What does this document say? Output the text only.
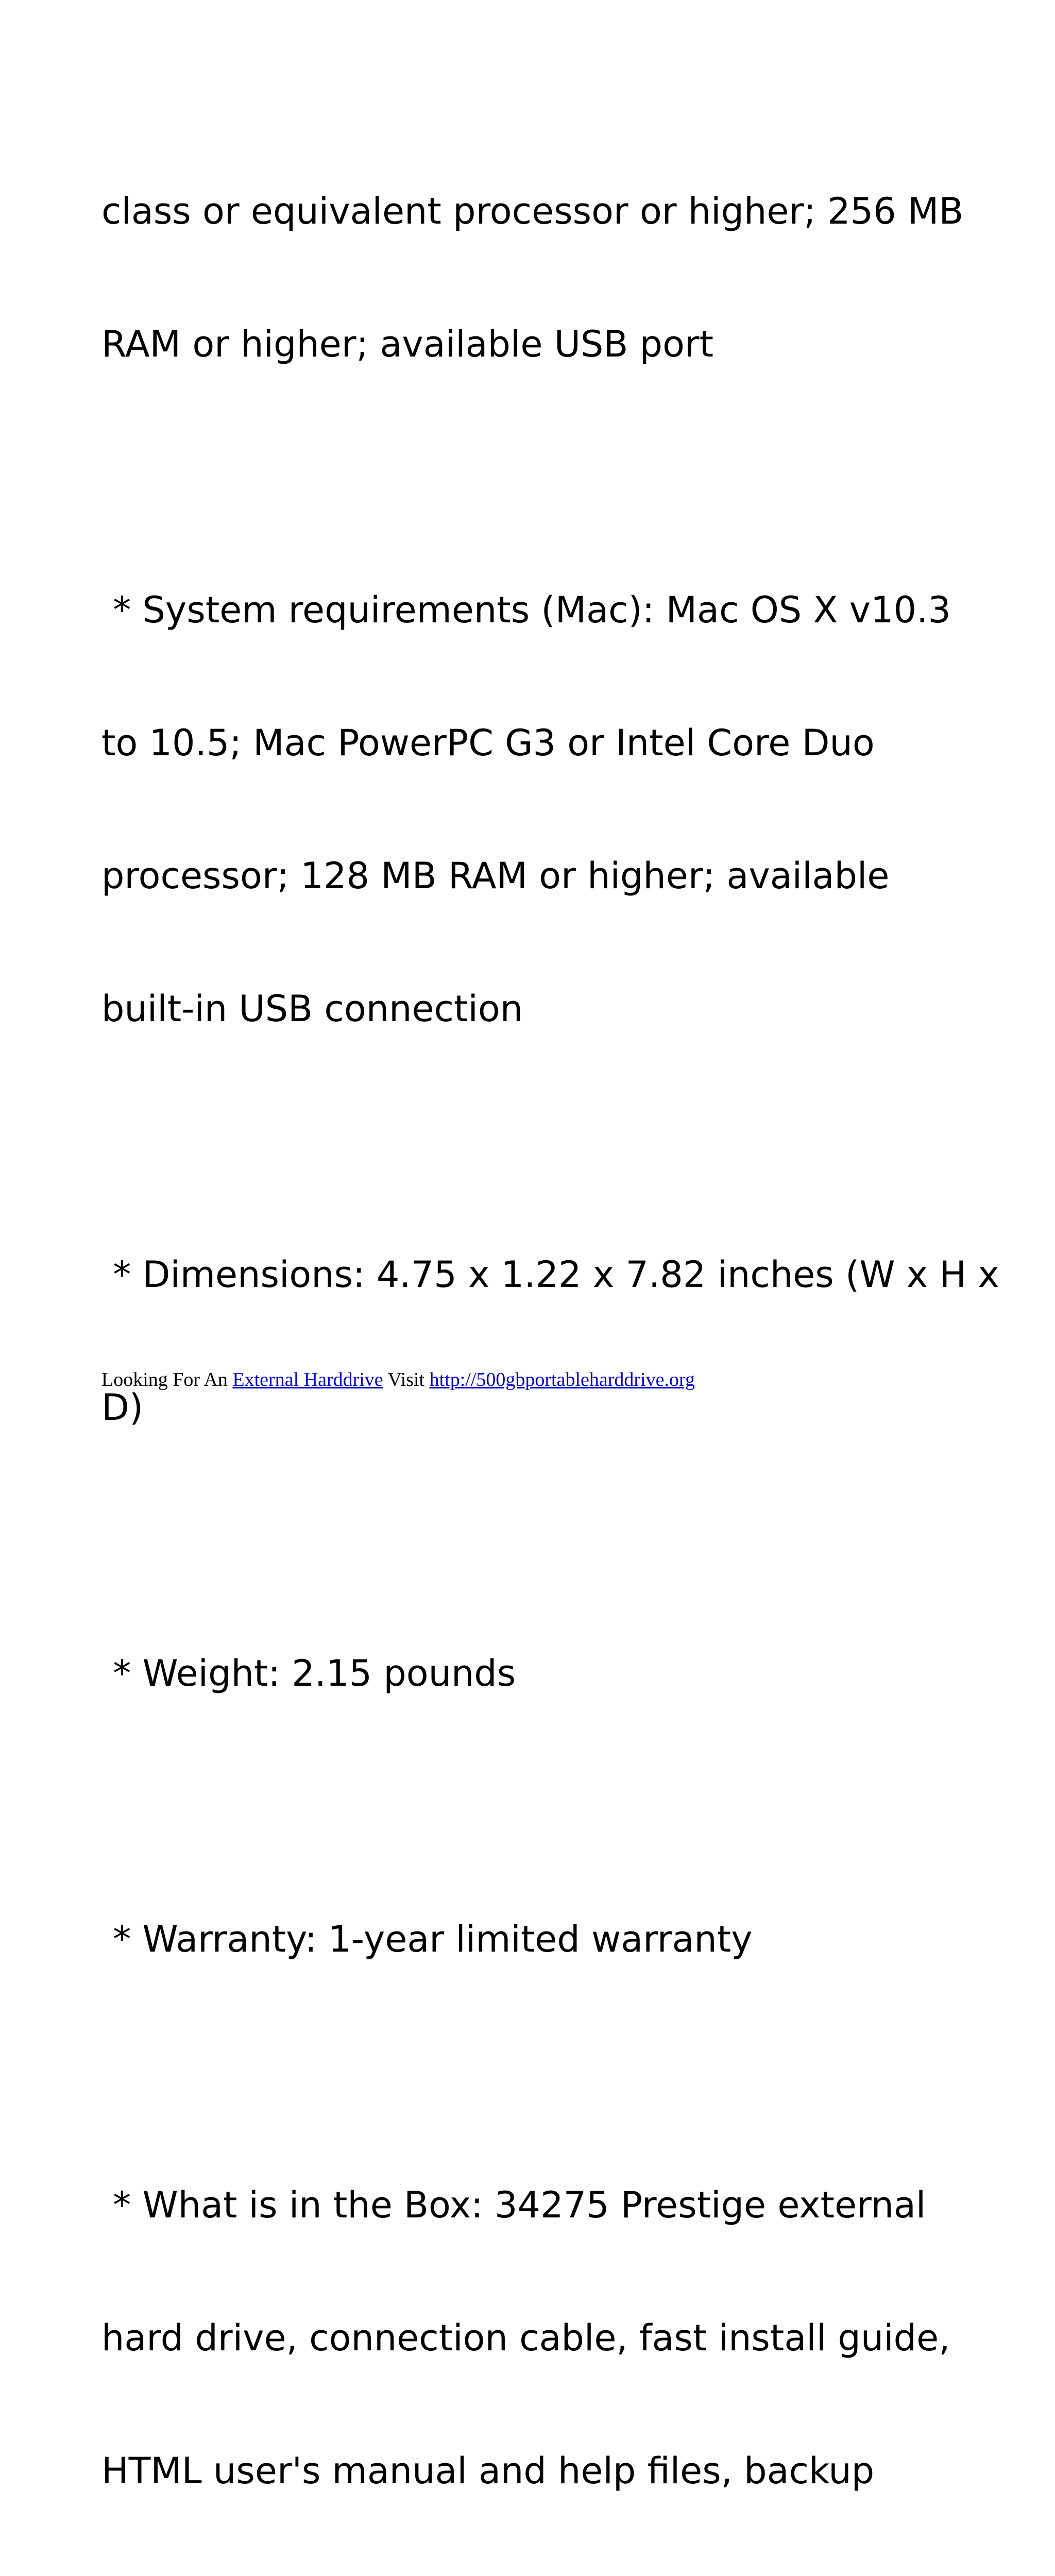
class or equivalent processor or higher; 256 MB

RAM or higher; available USB port

* System requirements (Mac): Mac OS X v10.3

to 10.5; Mac PowerPC G3 or Intel Core Duo

processor; 128 MB RAM or higher; available

built-in USB connection

* Dimensions: 4.75 x 1.22 x 7.82 inches (W x H x

D)

* Weight: 2.15 pounds

* Warranty: 1-year limited warranty

* What is in the Box: 34275 Prestige external

hard drive, connection cable, fast install guide,

HTML user's manual and help files, backup

Looking For An External Harddrive Visit http://500gbportableharddrive.org
